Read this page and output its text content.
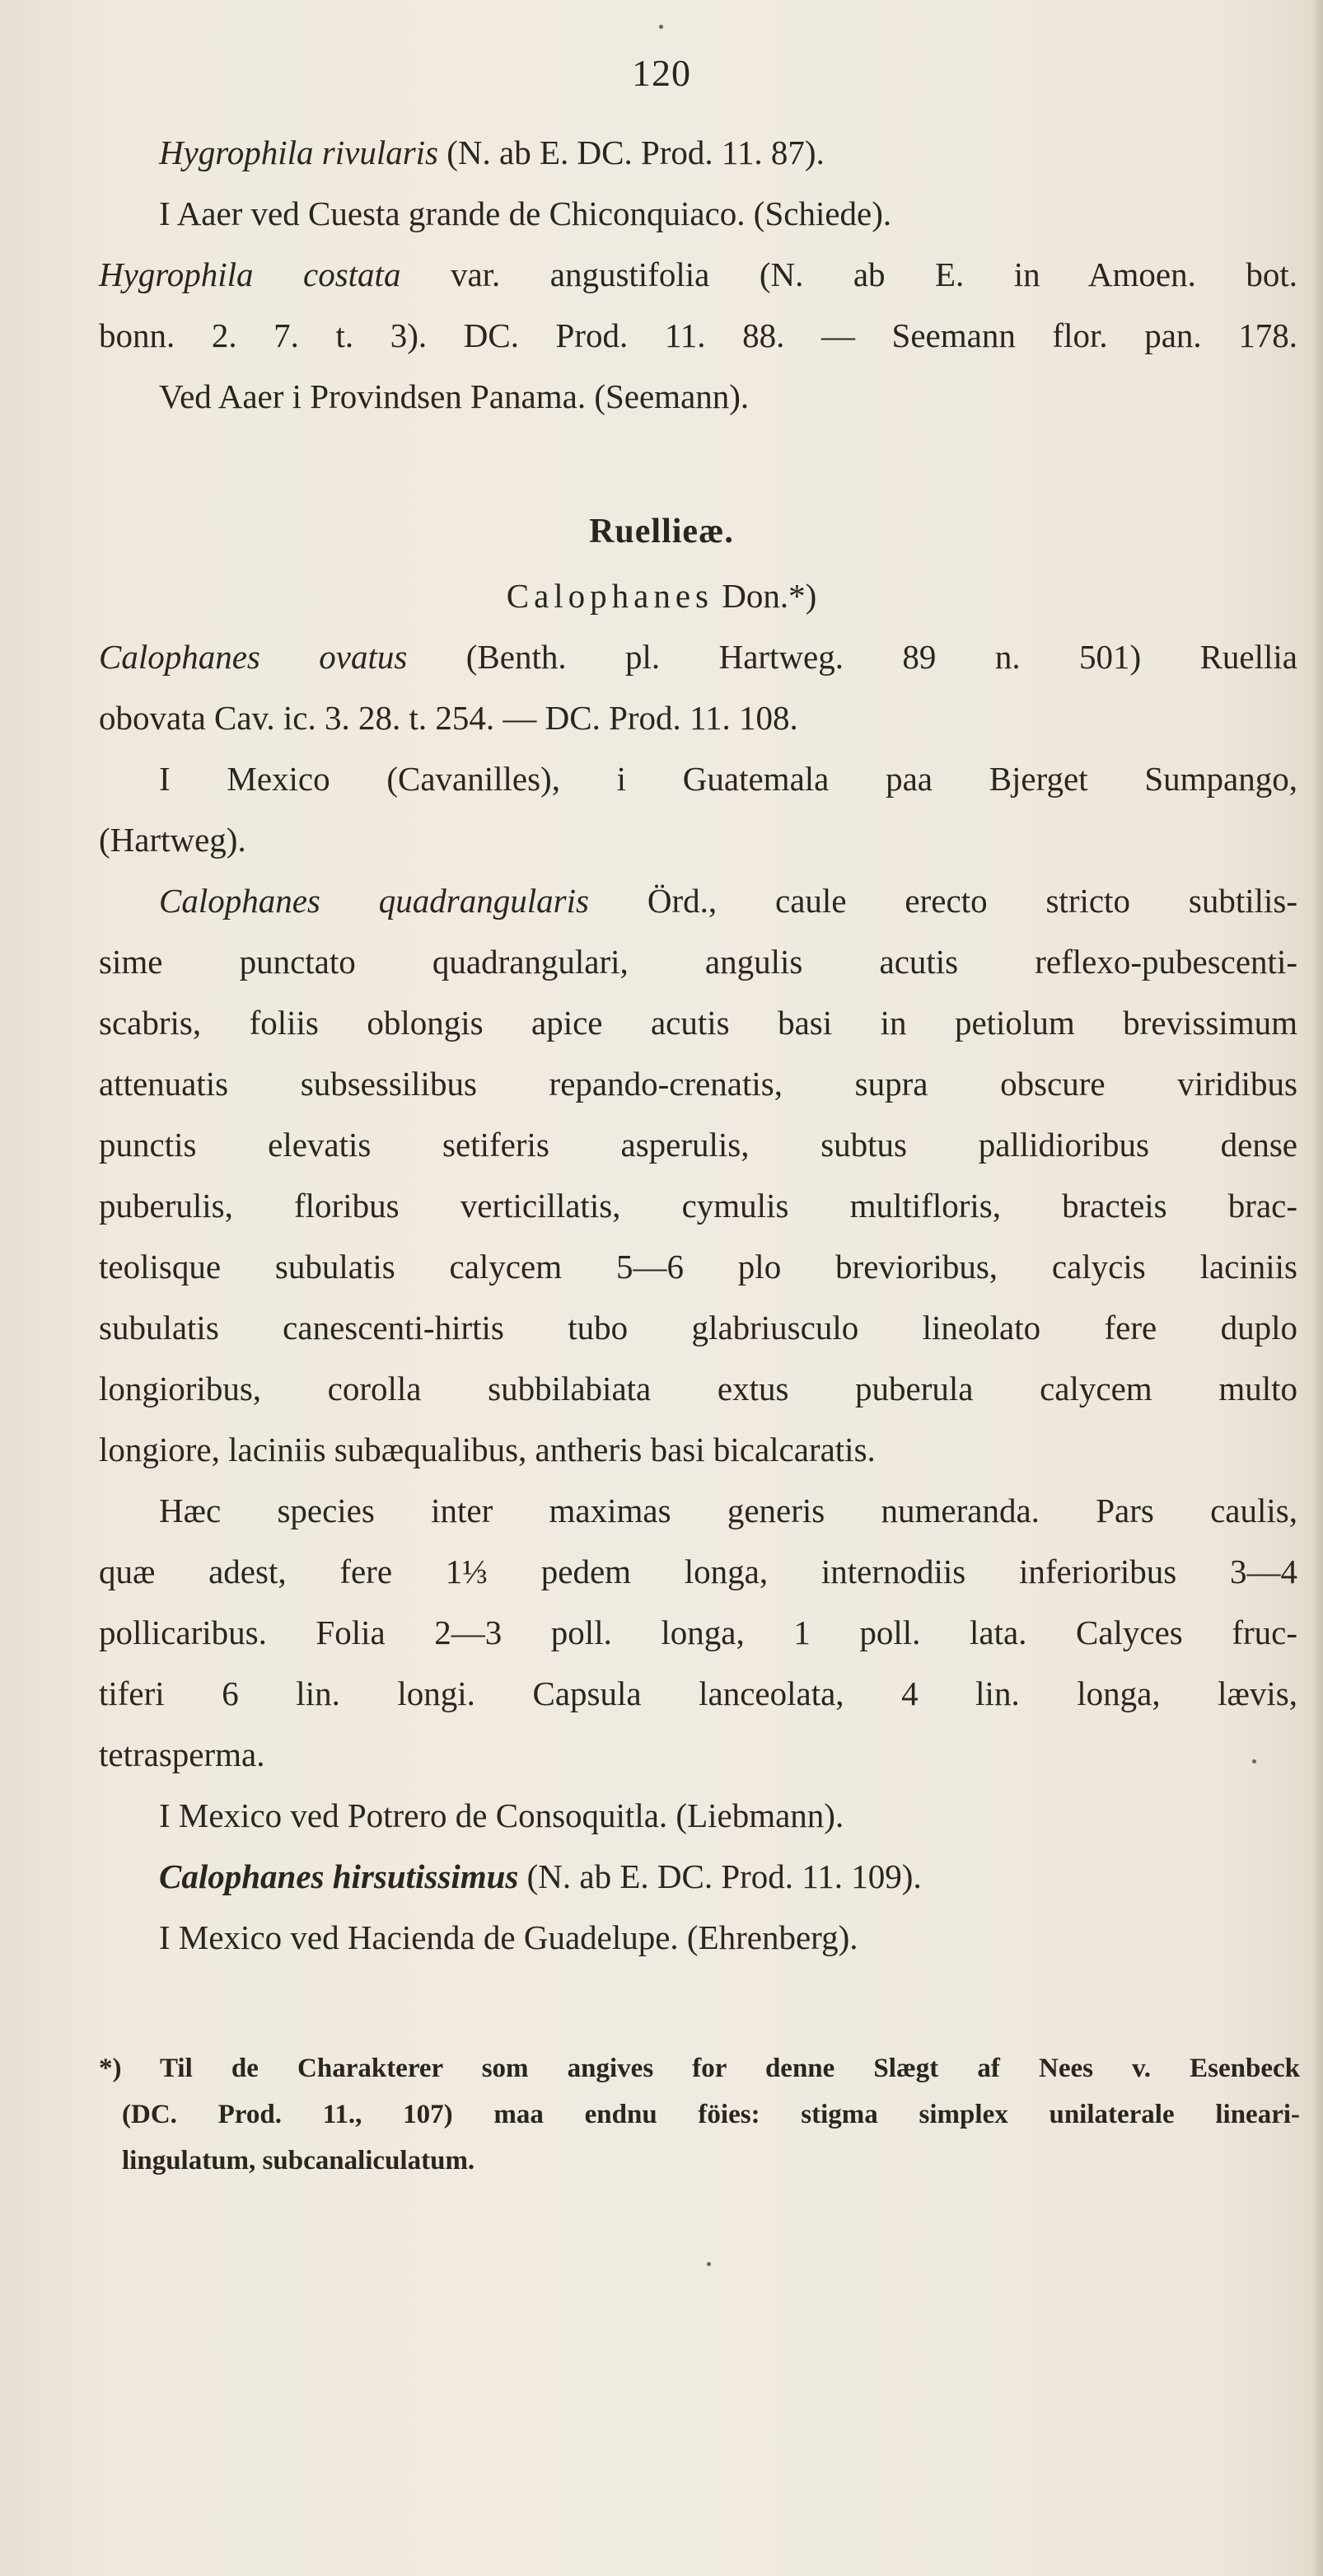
120
Hygrophila rivularis (N. ab E. DC. Prod. 11. 87).
I Aaer ved Cuesta grande de Chiconquiaco. (Schiede).
Hygrophila costata var. angustifolia (N. ab E. in Amoen. bot.
bonn. 2. 7. t. 3). DC. Prod. 11. 88. — Seemann flor. pan. 178.
Ved Aaer i Provindsen Panama. (Seemann).
Ruellieæ.
Calophanes Don.*)
Calophanes ovatus (Benth. pl. Hartweg. 89 n. 501) Ruellia
obovata Cav. ic. 3. 28. t. 254. — DC. Prod. 11. 108.
I Mexico (Cavanilles), i Guatemala paa Bjerget Sumpango,
(Hartweg).
Calophanes quadrangularis Örd., caule erecto stricto subtilis-
sime punctato quadrangulari, angulis acutis reflexo-pubescenti-
scabris, foliis oblongis apice acutis basi in petiolum brevissimum
attenuatis subsessilibus repando-crenatis, supra obscure viridibus
punctis elevatis setiferis asperulis, subtus pallidioribus dense
puberulis, floribus verticillatis, cymulis multifloris, bracteis brac-
teolisque subulatis calycem 5—6 plo brevioribus, calycis laciniis
subulatis canescenti-hirtis tubo glabriusculo lineolato fere duplo
longioribus, corolla subbilabiata extus puberula calycem multo
longiore, laciniis subæqualibus, antheris basi bicalcaratis.
Hæc species inter maximas generis numeranda. Pars caulis,
quæ adest, fere 1⅓ pedem longa, internodiis inferioribus 3—4
pollicaribus. Folia 2—3 poll. longa, 1 poll. lata. Calyces fruc-
tiferi 6 lin. longi. Capsula lanceolata, 4 lin. longa, lævis,
tetrasperma.
I Mexico ved Potrero de Consoquitla. (Liebmann).
Calophanes hirsutissimus (N. ab E. DC. Prod. 11. 109).
I Mexico ved Hacienda de Guadelupe. (Ehrenberg).
*) Til de Charakterer som angives for denne Slægt af Nees v. Esenbeck
(DC. Prod. 11., 107) maa endnu föies: stigma simplex unilaterale lineari-
lingulatum, subcanaliculatum.
